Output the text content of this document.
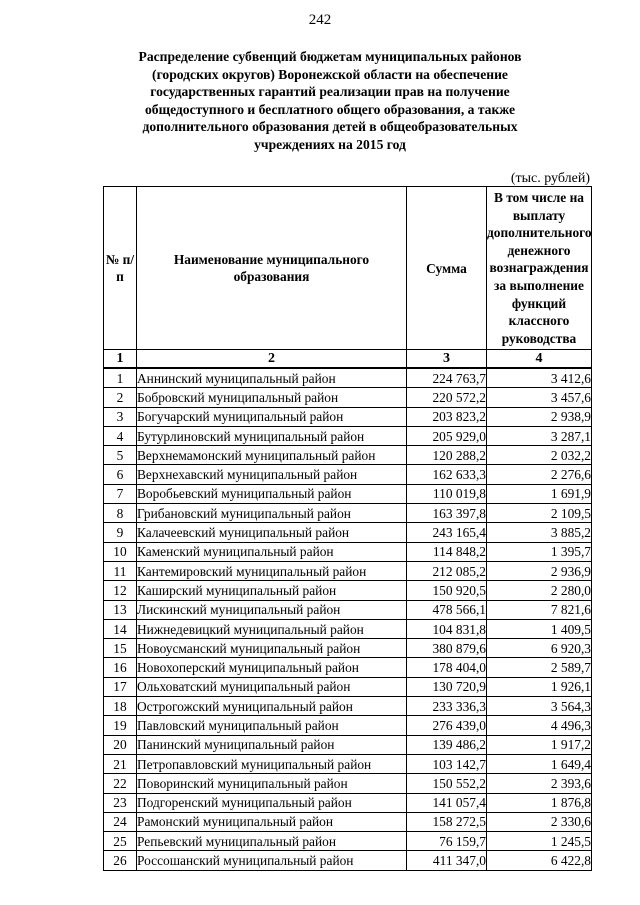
242
Распределение субвенций бюджетам муниципальных районов (городских округов) Воронежской области на обеспечение государственных гарантий реализации прав на получение общедоступного и бесплатного общего образования, а также дополнительного образования детей в общеобразовательных учреждениях на 2015 год
(тыс. рублей)
№ п/п	Наименование муниципального образования	Сумма	В том числе на выплату дополнительного денежного вознаграждения за выполнение функций классного руководства
1	2	3	4
1	Аннинский муниципальный район	224 763,7	3 412,6
2	Бобровский муниципальный район	220 572,2	3 457,6
3	Богучарский муниципальный район	203 823,2	2 938,9
4	Бутурлиновский муниципальный район	205 929,0	3 287,1
5	Верхнемамонский муниципальный район	120 288,2	2 032,2
6	Верхнехавский муниципальный район	162 633,3	2 276,6
7	Воробьевский муниципальный район	110 019,8	1 691,9
8	Грибановский муниципальный район	163 397,8	2 109,5
9	Калачеевский муниципальный район	243 165,4	3 885,2
10	Каменский муниципальный район	114 848,2	1 395,7
11	Кантемировский муниципальный район	212 085,2	2 936,9
12	Каширский муниципальный район	150 920,5	2 280,0
13	Лискинский муниципальный район	478 566,1	7 821,6
14	Нижнедевицкий муниципальный район	104 831,8	1 409,5
15	Новоусманский муниципальный район	380 879,6	6 920,3
16	Новохоперский муниципальный район	178 404,0	2 589,7
17	Ольховатский муниципальный район	130 720,9	1 926,1
18	Острогожский муниципальный район	233 336,3	3 564,3
19	Павловский муниципальный район	276 439,0	4 496,3
20	Панинский муниципальный район	139 486,2	1 917,2
21	Петропавловский муниципальный район	103 142,7	1 649,4
22	Поворинский муниципальный район	150 552,2	2 393,6
23	Подгоренский муниципальный район	141 057,4	1 876,8
24	Рамонский муниципальный район	158 272,5	2 330,6
25	Репьевский муниципальный район	76 159,7	1 245,5
26	Россошанский муниципальный район	411 347,0	6 422,8
